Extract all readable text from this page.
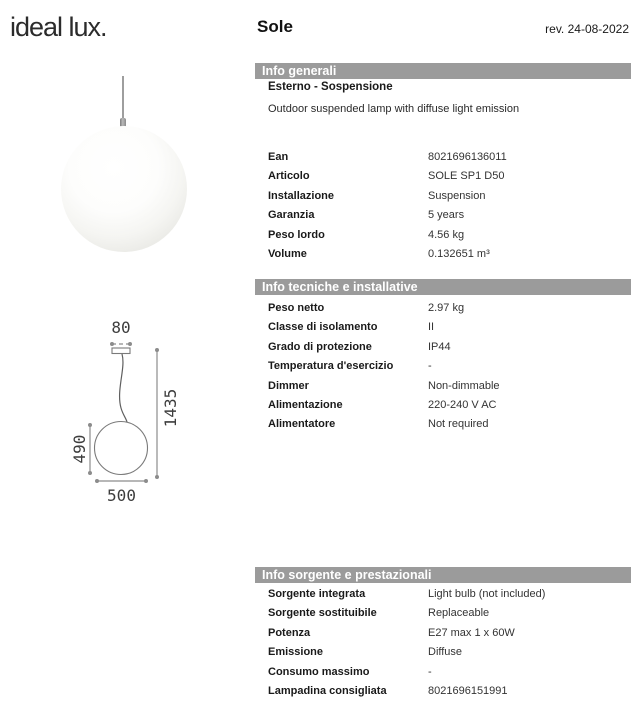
ideal lux.	Sole	rev. 24-08-2022
80
1435
490
500
Info generali
Esterno - Sospensione
Outdoor suspended lamp with diffuse light emission
Ean	8021696136011
Articolo	SOLE SP1 D50
Installazione	Suspension
Garanzia	5 years
Peso lordo	4.56 kg
Volume	0.132651 m³
Info tecniche e installative
Peso netto	2.97 kg
Classe di isolamento	II
Grado di protezione	IP44
Temperatura d'esercizio	-
Dimmer	Non-dimmable
Alimentazione	220-240 V AC
Alimentatore	Not required
Info sorgente e prestazionali
Sorgente integrata	Light bulb (not included)
Sorgente sostituibile	Replaceable
Potenza	E27 max 1 x 60W
Emissione	Diffuse
Consumo massimo	-
Lampadina consigliata	8021696151991
